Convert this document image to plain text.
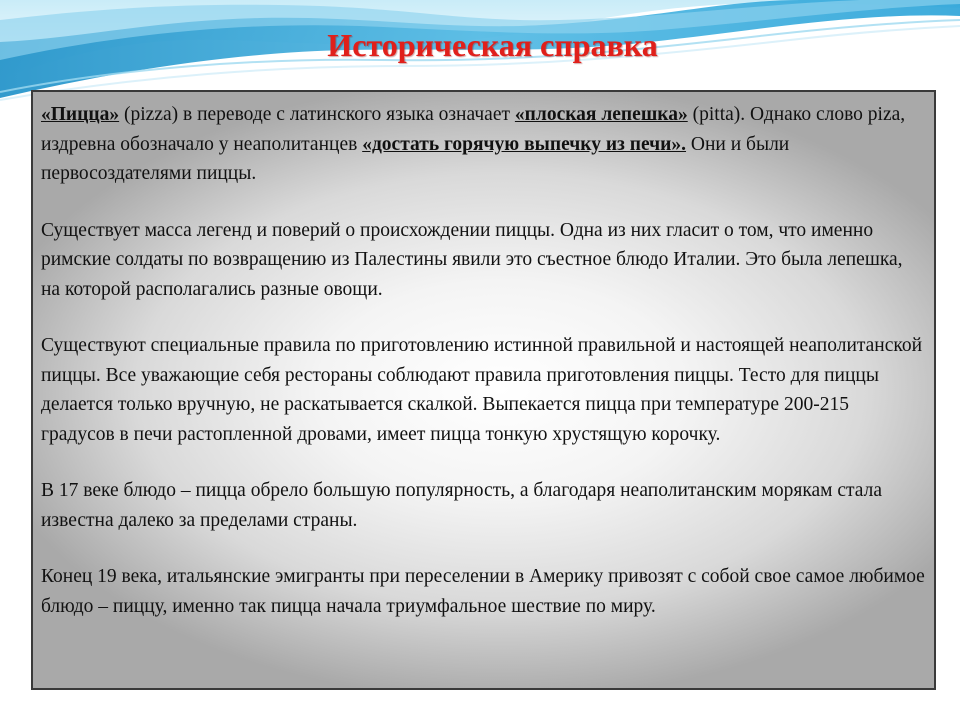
Историческая справка

«Пицца» (pizza) в переводе с латинского языка означает «плоская лепешка» (pitta). Однако слово piza, издревна обозначало у неаполитанцев «достать горячую выпечку из печи». Они и были первосоздателями пиццы.

Существует масса легенд и поверий о происхождении пиццы. Одна из них гласит о том, что именно римские солдаты по возвращению из Палестины явили это съестное блюдо Италии. Это была лепешка, на которой располагались разные овощи.

Существуют специальные правила по приготовлению истинной правильной и настоящей неаполитанской пиццы. Все уважающие себя рестораны соблюдают правила приготовления пиццы. Тесто для пиццы делается только вручную, не раскатывается скалкой. Выпекается пицца при температуре 200-215 градусов в печи растопленной дровами, имеет пицца тонкую хрустящую корочку.

В 17 веке блюдо – пицца обрело большую популярность, а благодаря неаполитанским морякам стала известна далеко за пределами страны.

Конец 19 века, итальянские эмигранты при переселении в Америку привозят с собой свое самое любимое блюдо – пиццу, именно так пицца начала триумфальное шествие по миру.
